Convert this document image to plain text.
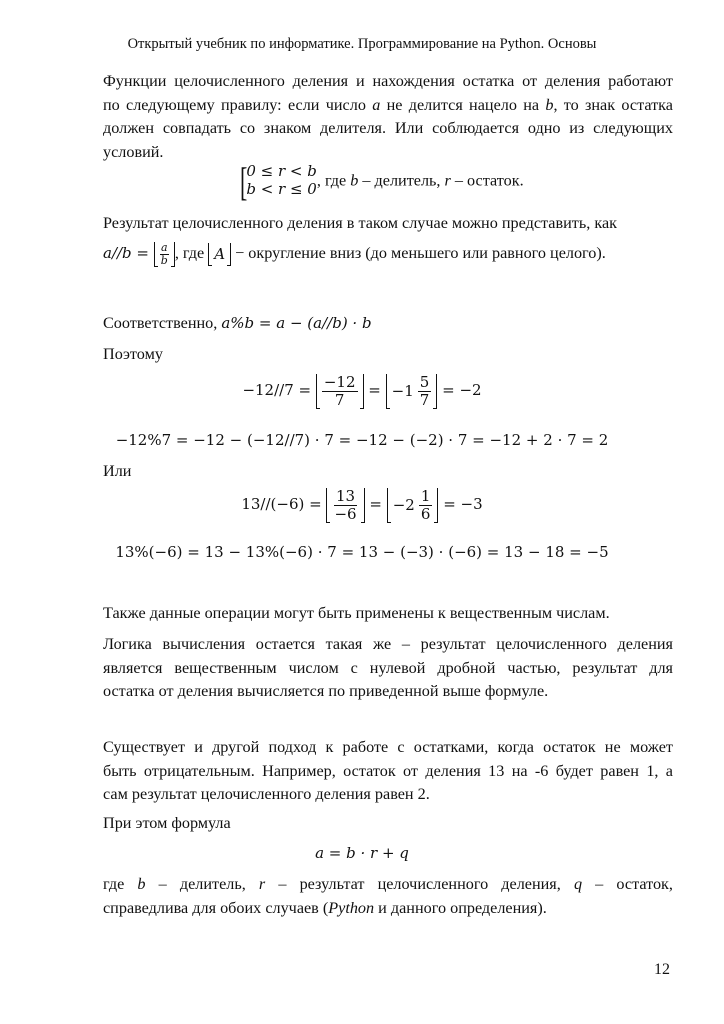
Открытый учебник по информатике. Программирование на Python. Основы
Функции целочисленного деления и нахождения остатка от деления работают
по следующему правилу: если число a не делится нацело на b, то знак остатка
должен совпадать со знаком делителя. Или соблюдается одно из следующих
условий.
[
0 ≤ r < b
b < r ≤ 0 , где b – делитель, r – остаток.
Результат целочисленного деления в таком случае можно представить, как
$a//b = \frac{a}{b}$ , где A − округление вниз (до меньшего или равного целого).
Соответственно, a%b = a − (a//b) · b
Поэтому
$-12//7 = \frac{-12}{7} = -1$
$\frac{5}{7} = -2$
−12%7 = −12 − (−12//7) · 7 = −12 − (−2) · 7 = −12 + 2 · 7 = 2
Или
$13//(-6) = \frac{13}{-6} = -2$
$\frac{1}{6} = -3$
13%(−6) = 13 − 13%(−6) · 7 = 13 − (−3) · (−6) = 13 − 18 = −5
Также данные операции могут быть применены к вещественным числам.
Логика вычисления остается такая же – результат целочисленного деления
является вещественным числом с нулевой дробной частью, результат для
остатка от деления вычисляется по приведенной выше формуле.
Существует и другой подход к работе с остатками, когда остаток не может
быть отрицательным. Например, остаток от деления 13 на -6 будет равен 1, а
сам результат целочисленного деления равен 2.
При этом формула
a = b · r + q
где b – делитель, r – результат целочисленного деления, q – остаток,
справедлива для обоих случаев (Python и данного определения).
12
